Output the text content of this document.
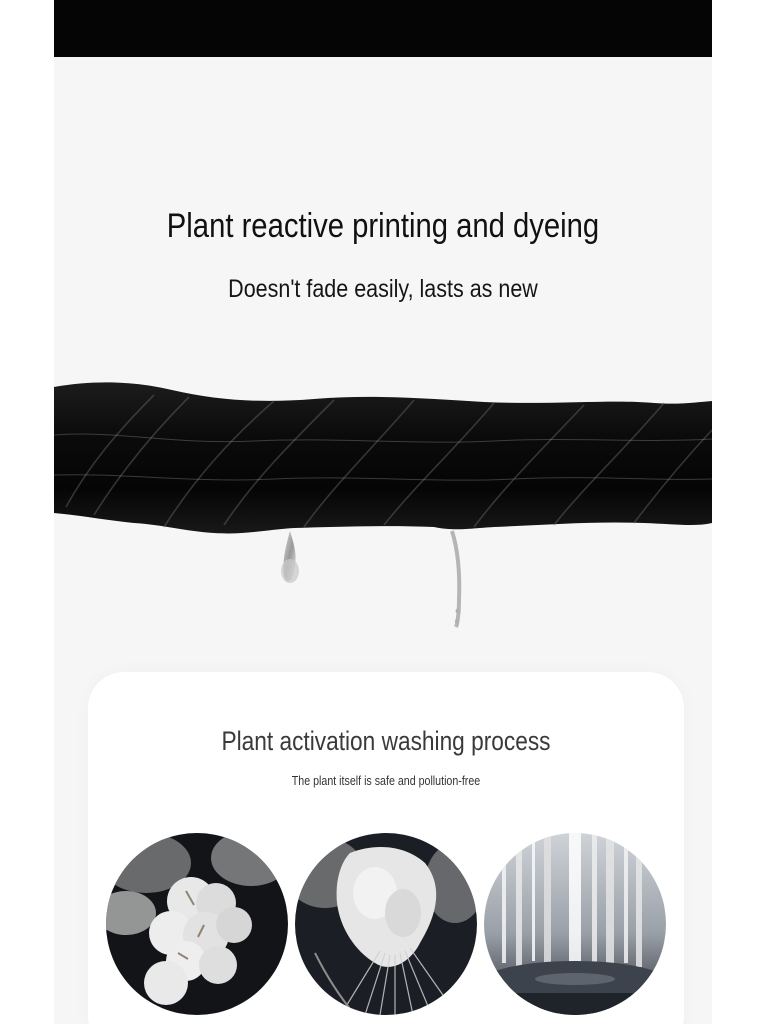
Plant reactive printing and dyeing
Doesn't fade easily, lasts as new
Plant activation washing process
The plant itself is safe and pollution-free
